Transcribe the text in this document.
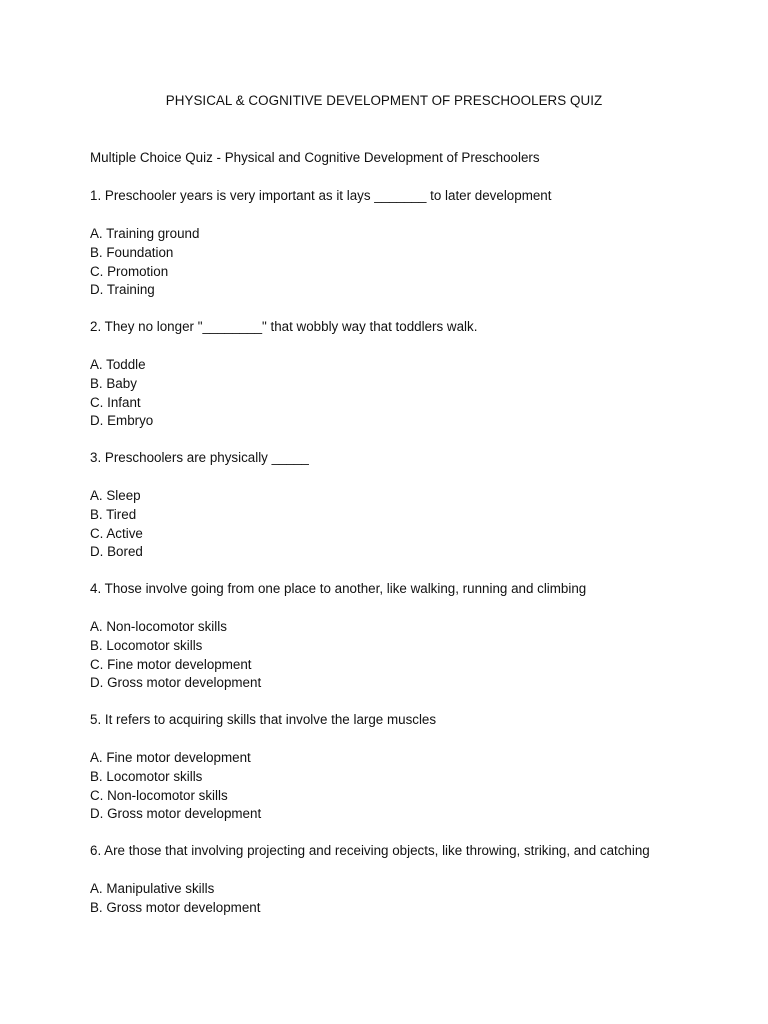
PHYSICAL & COGNITIVE DEVELOPMENT OF PRESCHOOLERS QUIZ
Multiple Choice Quiz - Physical and Cognitive Development of Preschoolers
1. Preschooler years is very important as it lays _______ to later development
A. Training ground
B. Foundation
C. Promotion
D. Training
2. They no longer "________" that wobbly way that toddlers walk.
A. Toddle
B. Baby
C. Infant
D. Embryo
3. Preschoolers are physically _____
A. Sleep
B. Tired
C. Active
D. Bored
4. Those involve going from one place to another, like walking, running and climbing
A. Non-locomotor skills
B. Locomotor skills
C. Fine motor development
D. Gross motor development
5. It refers to acquiring skills that involve the large muscles
A. Fine motor development
B. Locomotor skills
C. Non-locomotor skills
D. Gross motor development
6. Are those that involving projecting and receiving objects, like throwing, striking, and catching
A. Manipulative skills
B. Gross motor development
